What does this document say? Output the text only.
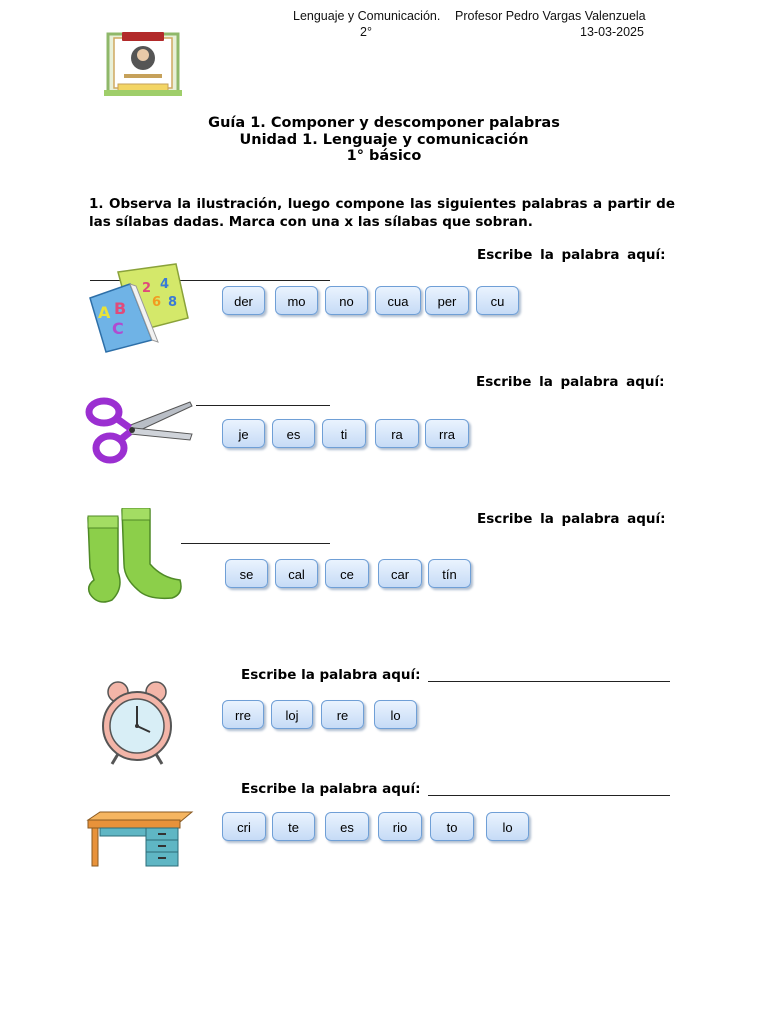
Lenguaje y Comunicación.
2°
Profesor Pedro Vargas Valenzuela
13-03-2025
Guía 1. Componer y descomponer palabras
Unidad 1. Lenguaje y comunicación
1° básico
1. Observa la ilustración, luego compone las siguientes palabras a partir de las sílabas dadas. Marca con una x las sílabas que sobran.
Escribe la palabra aquí:
2 4
6 8
A B
C
der	mo	no	cua	per	cu
Escribe la palabra aquí:
je	es	ti	ra	rra
Escribe la palabra aquí:
se	cal	ce	car	tín
Escribe la palabra aquí:
rre	loj	re	lo
Escribe la palabra aquí:
cri	te	es	rio	to	lo
